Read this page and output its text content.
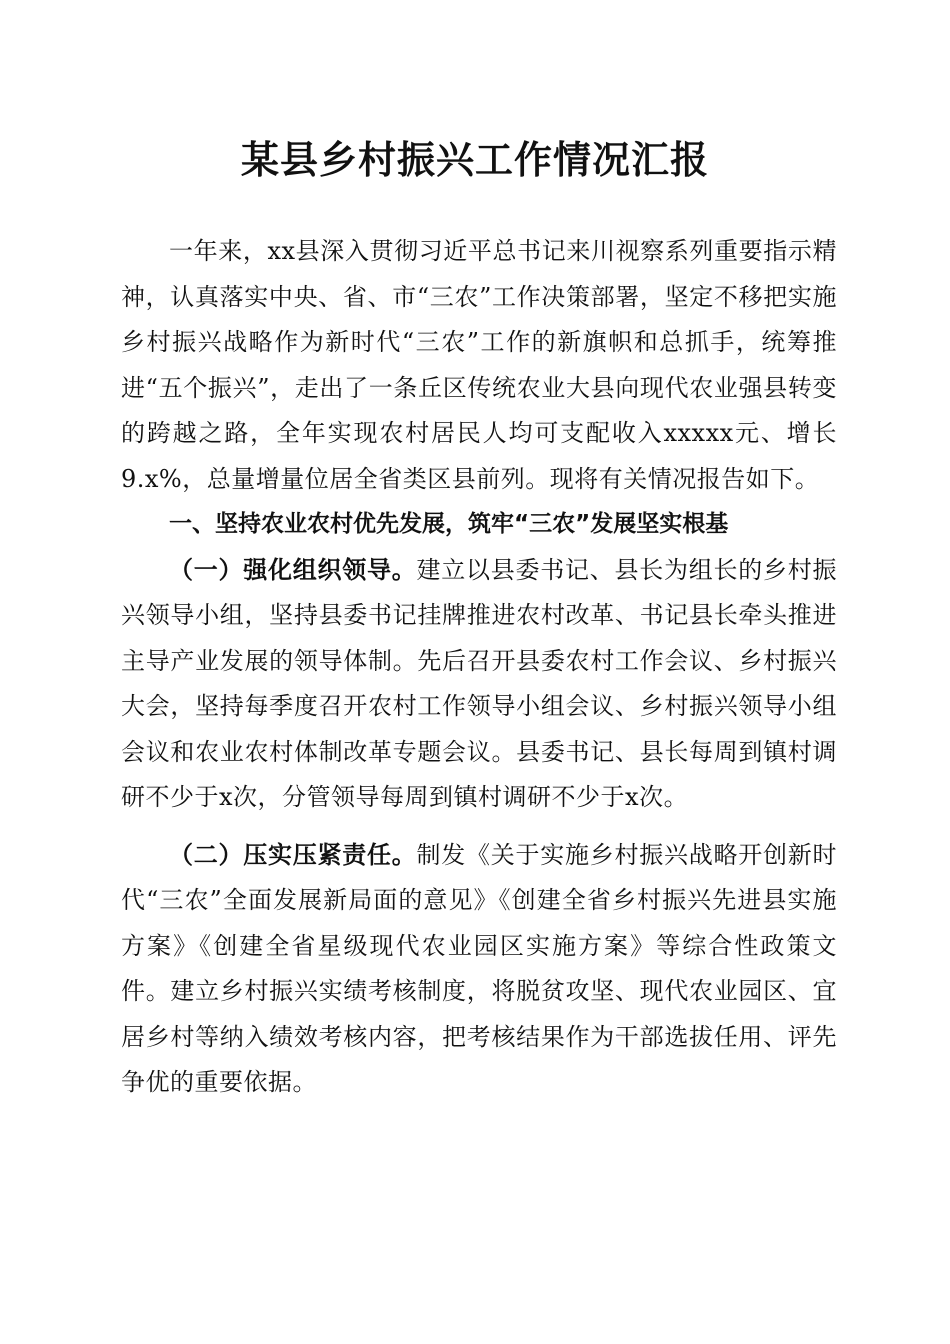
某县乡村振兴工作情况汇报

一年来，xx县深入贯彻习近平总书记来川视察系列重要指示精神，认真落实中央、省、市“三农”工作决策部署，坚定不移把实施乡村振兴战略作为新时代“三农”工作的新旗帜和总抓手，统筹推进“五个振兴”，走出了一条丘区传统农业大县向现代农业强县转变的跨越之路，全年实现农村居民人均可支配收入xxxxx元、增长9.x%，总量增量位居全省类区县前列。现将有关情况报告如下。

一、坚持农业农村优先发展，筑牢“三农”发展坚实根基

（一）强化组织领导。建立以县委书记、县长为组长的乡村振兴领导小组，坚持县委书记挂牌推进农村改革、书记县长牵头推进主导产业发展的领导体制。先后召开县委农村工作会议、乡村振兴大会，坚持每季度召开农村工作领导小组会议、乡村振兴领导小组会议和农业农村体制改革专题会议。县委书记、县长每周到镇村调研不少于x次，分管领导每周到镇村调研不少于x次。

（二）压实压紧责任。制发《关于实施乡村振兴战略开创新时代“三农”全面发展新局面的意见》《创建全省乡村振兴先进县实施方案》《创建全省星级现代农业园区实施方案》等综合性政策文件。建立乡村振兴实绩考核制度，将脱贫攻坚、现代农业园区、宜居乡村等纳入绩效考核内容，把考核结果作为干部选拔任用、评先争优的重要依据。
